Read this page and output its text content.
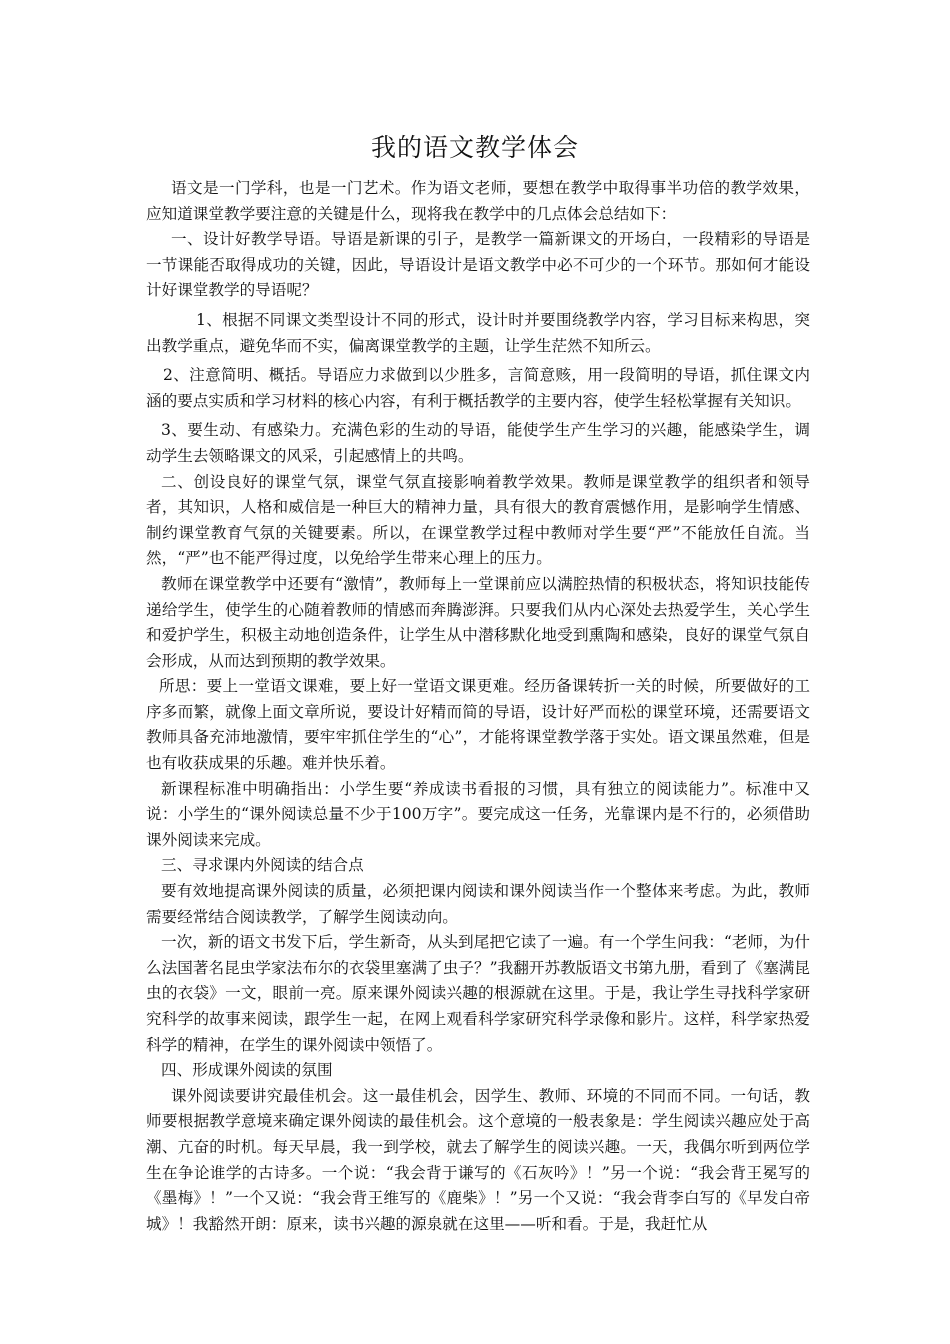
我的语文教学体会

语文是一门学科，也是一门艺术。作为语文老师，要想在教学中取得事半功倍的教学效果，应知道课堂教学要注意的关键是什么，现将我在教学中的几点体会总结如下：

一、设计好教学导语。导语是新课的引子，是教学一篇新课文的开场白，一段精彩的导语是一节课能否取得成功的关键，因此，导语设计是语文教学中必不可少的一个环节。那如何才能设计好课堂教学的导语呢？

1、根据不同课文类型设计不同的形式，设计时并要围绕教学内容，学习目标来构思，突出教学重点，避免华而不实，偏离课堂教学的主题，让学生茫然不知所云。

2、注意简明、概括。导语应力求做到以少胜多，言简意赅，用一段简明的导语，抓住课文内涵的要点实质和学习材料的核心内容，有利于概括教学的主要内容，使学生轻松掌握有关知识。

3、要生动、有感染力。充满色彩的生动的导语，能使学生产生学习的兴趣，能感染学生，调动学生去领略课文的风采，引起感情上的共鸣。

二、创设良好的课堂气氛，课堂气氛直接影响着教学效果。教师是课堂教学的组织者和领导者，其知识，人格和威信是一种巨大的精神力量，具有很大的教育震憾作用，是影响学生情感、制约课堂教育气氛的关键要素。所以，在课堂教学过程中教师对学生要“严”不能放任自流。当然，“严”也不能严得过度，以免给学生带来心理上的压力。

教师在课堂教学中还要有“激情”，教师每上一堂课前应以满腔热情的积极状态，将知识技能传递给学生，使学生的心随着教师的情感而奔腾澎湃。只要我们从内心深处去热爱学生，关心学生和爱护学生，积极主动地创造条件，让学生从中潜移默化地受到熏陶和感染，良好的课堂气氛自会形成，从而达到预期的教学效果。

所思：要上一堂语文课难，要上好一堂语文课更难。经历备课转折一关的时候，所要做好的工序多而繁，就像上面文章所说，要设计好精而简的导语，设计好严而松的课堂环境，还需要语文教师具备充沛地激情，要牢牢抓住学生的“心”，才能将课堂教学落于实处。语文课虽然难，但是也有收获成果的乐趣。难并快乐着。

新课程标准中明确指出：小学生要“养成读书看报的习惯，具有独立的阅读能力”。标准中又说：小学生的“课外阅读总量不少于100万字”。要完成这一任务，光靠课内是不行的，必须借助课外阅读来完成。

三、寻求课内外阅读的结合点

要有效地提高课外阅读的质量，必须把课内阅读和课外阅读当作一个整体来考虑。为此，教师需要经常结合阅读教学，了解学生阅读动向。

一次，新的语文书发下后，学生新奇，从头到尾把它读了一遍。有一个学生问我：“老师，为什么法国著名昆虫学家法布尔的衣袋里塞满了虫子？”我翻开苏教版语文书第九册，看到了《塞满昆虫的衣袋》一文，眼前一亮。原来课外阅读兴趣的根源就在这里。于是，我让学生寻找科学家研究科学的故事来阅读，跟学生一起，在网上观看科学家研究科学录像和影片。这样，科学家热爱科学的精神，在学生的课外阅读中领悟了。

四、形成课外阅读的氛围

课外阅读要讲究最佳机会。这一最佳机会，因学生、教师、环境的不同而不同。一句话，教师要根据教学意境来确定课外阅读的最佳机会。这个意境的一般表象是：学生阅读兴趣应处于高潮、亢奋的时机。每天早晨，我一到学校，就去了解学生的阅读兴趣。一天，我偶尔听到两位学生在争论谁学的古诗多。一个说：“我会背于谦写的《石灰吟》！”另一个说：“我会背王冕写的《墨梅》！”一个又说：“我会背王维写的《鹿柴》！”另一个又说：“我会背李白写的《早发白帝城》！我豁然开朗：原来，读书兴趣的源泉就在这里——听和看。于是，我赶忙从
